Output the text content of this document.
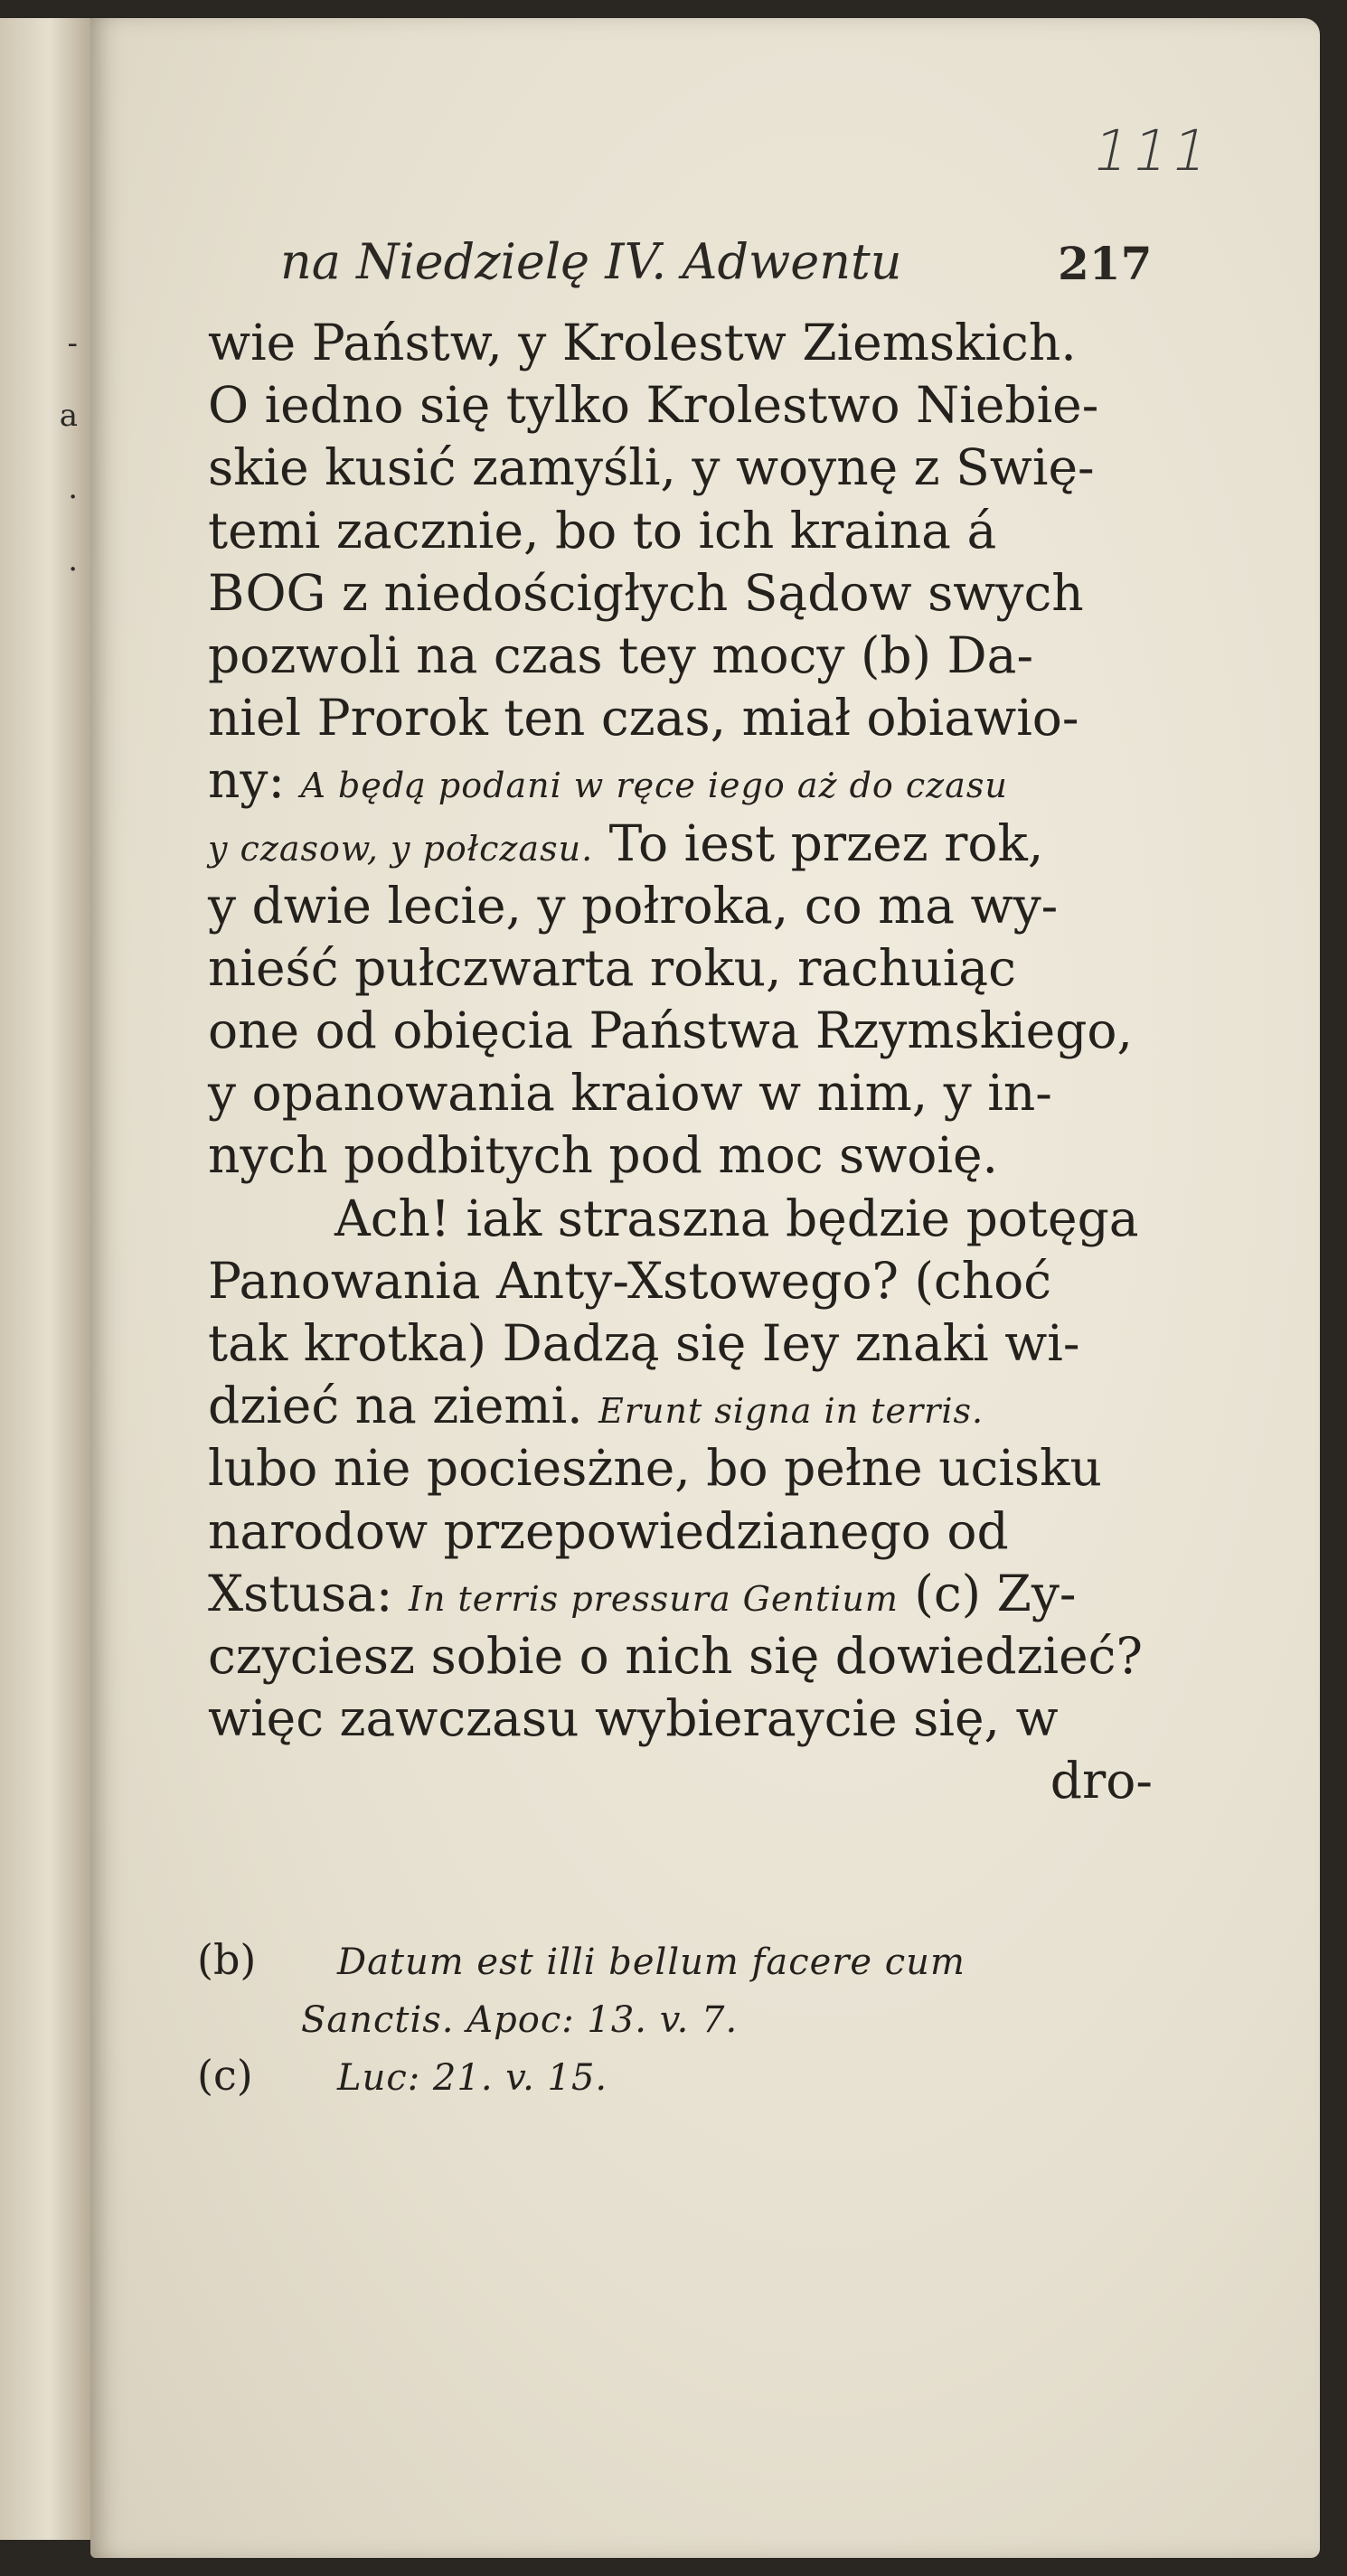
-
a
.
.
111
na Niedzielę IV. Adwentu	217
wie Państw, y Krolestw Ziemskich.
O iedno się tylko Krolestwo Niebie-
skie kusić zamyśli, y woynę z Swię-
temi zacznie, bo to ich kraina á
BOG z niedościgłych Sądow swych
pozwoli na czas tey mocy (b) Da-
niel Prorok ten czas, miał obiawio-
ny: A będą podani w ręce iego aż do czasu
y czasow, y połczasu. To iest przez rok,
y dwie lecie, y połroka, co ma wy-
nieść pułczwarta roku, rachuiąc
one od obięcia Państwa Rzymskiego,
y opanowania kraiow w nim, y in-
nych podbitych pod moc swoię.
Ach! iak straszna będzie potęga
Panowania Anty-Xstowego? (choć
tak krotka) Dadzą się Iey znaki wi-
dzieć na ziemi. Erunt signa in terris.
lubo nie pociesżne, bo pełne ucisku
narodow przepowiedzianego od
Xstusa: In terris pressura Gentium (c) Zy-
czyciesz sobie o nich się dowiedzieć?
więc zawczasu wybieraycie się, w
dro-
(b) Datum est illi bellum facere cum
Sanctis. Apoc: 13. v. 7.
(c) Luc: 21. v. 15.
